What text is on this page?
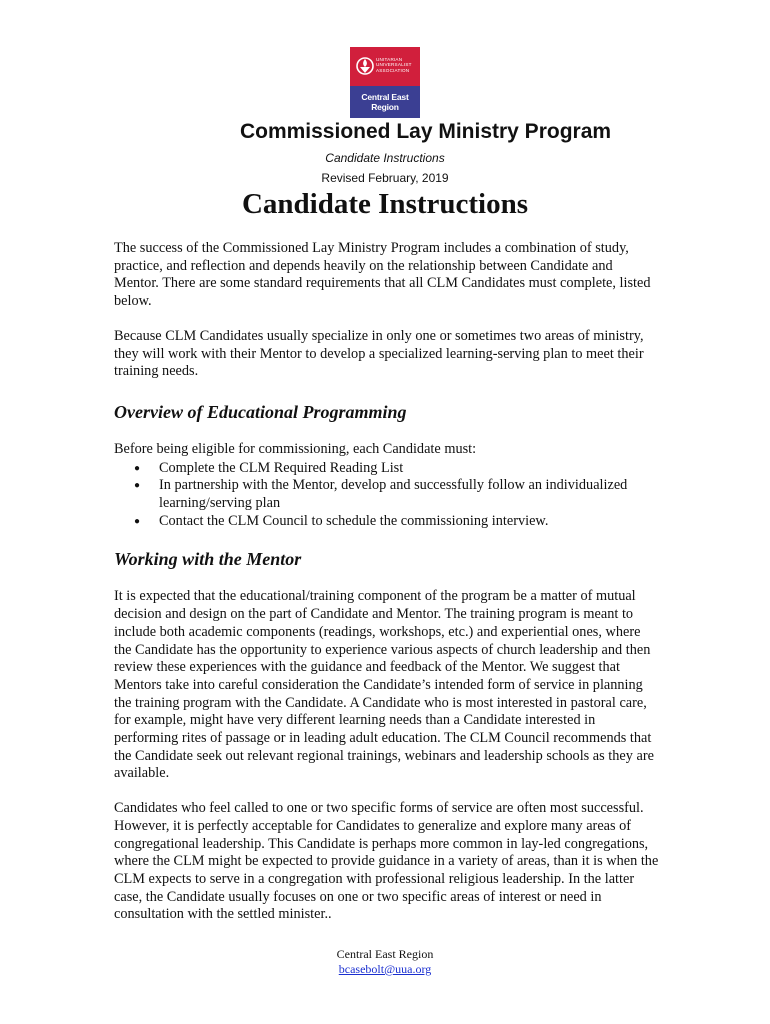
UNITARIAN
UNIVERSALIST
ASSOCIATION
Central East
Region
Commissioned Lay Ministry Program
Candidate Instructions
Revised February, 2019
Candidate Instructions

The success of the Commissioned Lay Ministry Program includes a combination of study, practice, and reflection and depends heavily on the relationship between Candidate and Mentor. There are some standard requirements that all CLM Candidates must complete, listed below.

Because CLM Candidates usually specialize in only one or sometimes two areas of ministry, they will work with their Mentor to develop a specialized learning-serving plan to meet their training needs.

Overview of Educational Programming

Before being eligible for commissioning, each Candidate must:

● Complete the CLM Required Reading List
● In partnership with the Mentor, develop and successfully follow an individualized learning/serving plan
● Contact the CLM Council to schedule the commissioning interview.
Working with the Mentor

It is expected that the educational/training component of the program be a matter of mutual decision and design on the part of Candidate and Mentor. The training program is meant to include both academic components (readings, workshops, etc.) and experiential ones, where the Candidate has the opportunity to experience various aspects of church leadership and then review these experiences with the guidance and feedback of the Mentor. We suggest that Mentors take into careful consideration the Candidate’s intended form of service in planning the training program with the Candidate. A Candidate who is most interested in pastoral care, for example, might have very different learning needs than a Candidate interested in performing rites of passage or in leading adult education. The CLM Council recommends that the Candidate seek out relevant regional trainings, webinars and leadership schools as they are available.

Candidates who feel called to one or two specific forms of service are often most successful. However, it is perfectly acceptable for Candidates to generalize and explore many areas of congregational leadership. This Candidate is perhaps more common in lay-led congregations, where the CLM might be expected to provide guidance in a variety of areas, than it is when the CLM expects to serve in a congregation with professional religious leadership. In the latter case, the Candidate usually focuses on one or two specific areas of interest or need in consultation with the settled minister..

Central East Region
bcasebolt@uua.org
